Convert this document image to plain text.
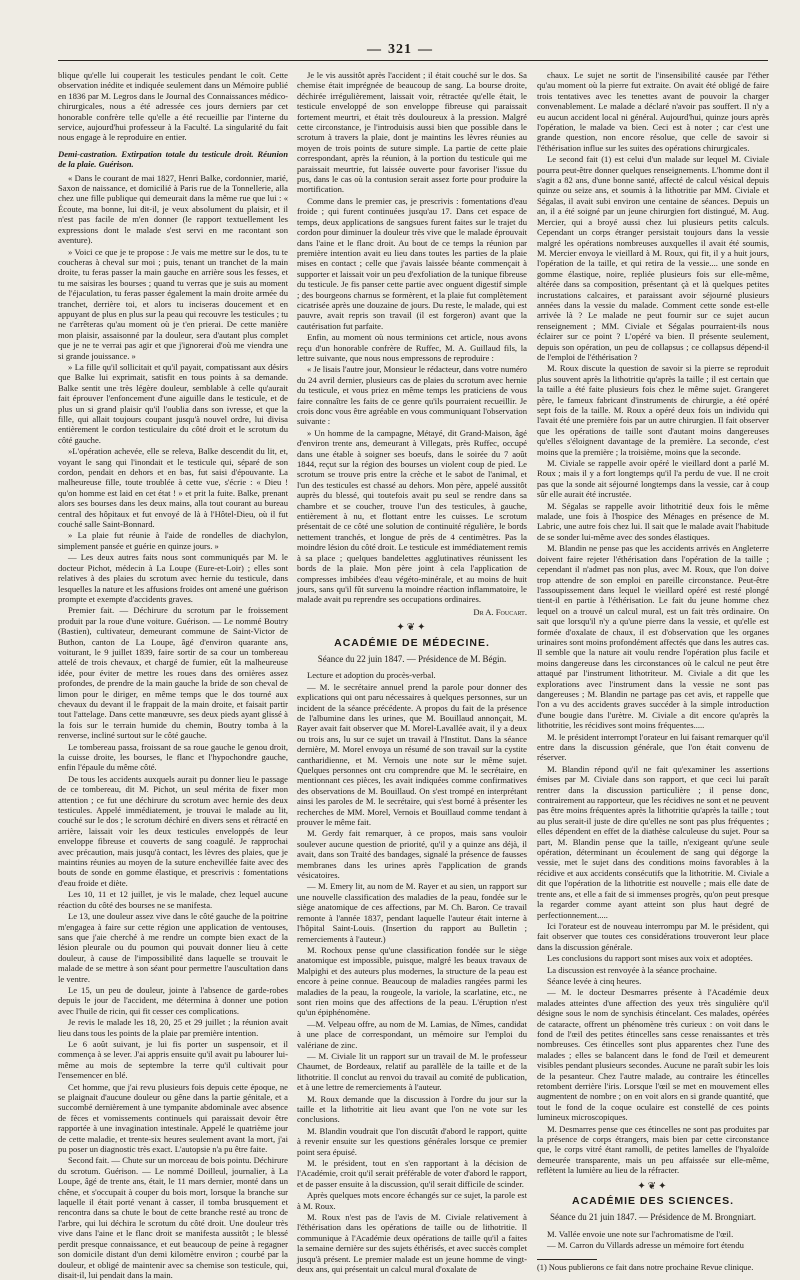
— 321 —

blique qu'elle lui couperait les testicules pendant le coït. Cette observation inédite et indiquée seulement dans un Mémoire publié en 1836 par M. Legros dans le Journal des Connaissances médico-chirurgicales, nous a été adressée ces jours derniers par cet honorable confrère telle qu'elle a été recueillie par l'interne du service, aujourd'hui professeur à la Faculté. La singularité du fait nous engage à le reproduire en entier.

Demi-castration. Extirpation totale du testicule droit. Réunion de la plaie. Guérison.

« Dans le courant de mai 1827, Henri Balke, cordonnier, marié, Saxon de naissance, et domicilié à Paris rue de la Tonnellerie, alla chez une fille publique qui demeurait dans la même rue que lui : « Écoute, ma bonne, lui dit-il, je veux absolument du plaisir, et il n'est pas facile de m'en donner (le rapport textuellement les expressions dont le malade s'est servi en me racontant son aventure).

» Voici ce que je te propose : Je vais me mettre sur le dos, tu te coucheras à cheval sur moi ; puis, tenant un tranchet de la main droite, tu feras passer la main gauche en arrière sous les fesses, et tu me saisiras les bourses ; quand tu verras que je suis au moment de l'éjaculation, tu feras passer également la main droite armée du tranchet, derrière toi, et alors tu inciseras doucement et en appuyant de plus en plus sur la peau qui recouvre les testicules ; tu ne t'arrêteras qu'au moment où je t'en prierai. De cette manière mon plaisir, assaisonné par la douleur, sera d'autant plus complet que je ne te verrai pas agir et que j'ignorerai d'où me viendra une si grande jouissance. »

» La fille qu'il sollicitait et qu'il payait, compatissant aux désirs que Balke lui exprimait, satisfit en tous points à sa demande. Balke sentit une très légère douleur, semblable à celle qu'aurait fait éprouver l'enfoncement d'une aiguille dans le testicule, et de plus un si grand plaisir qu'il l'oublia dans son ivresse, et que la fille, qui allait toujours coupant jusqu'à nouvel ordre, lui divisa entièrement le cordon testiculaire du côté droit et le scrotum du côté gauche.

»L'opération achevée, elle se releva, Balke descendit du lit, et, voyant le sang qui l'inondait et le testicule qui, séparé de son cordon, pendait en dehors et en bas, fut saisi d'épouvante. La malheureuse fille, toute troublée à cette vue, s'écrie : « Dieu ! qu'on homme est laid en cet état ! » et prit la fuite. Balke, prenant alors ses bourses dans les deux mains, alla tout courant au bureau central des hôpitaux et fut envoyé de là à l'Hôtel-Dieu, où il fut couché salle Saint-Bonnard.

» La plaie fut réunie à l'aide de rondelles de diachylon, simplement pansée et guérie en quinze jours. »

— Les deux autres faits nous sont communiqués par M. le docteur Pichot, médecin à La Loupe (Eure-et-Loir) ; elles sont relatives à des plaies du scrotum avec hernie du testicule, dans lesquelles la nature et les affusions froides ont amené une guérison prompte et exempte d'accidents graves.

Premier fait. — Déchirure du scrotum par le froissement produit par la roue d'une voiture. Guérison. — Le nommé Boutry (Bastien), cultivateur, demeurant commune de Saint-Victor de Buthon, canton de La Loupe, âgé d'environ quarante ans, voiturant, le 9 juillet 1839, faire sortir de sa cour un tombereau attelé de trois chevaux, et chargé de fumier, eût la malheureuse idée, pour éviter de mettre les roues dans des ornières assez profondes, de prendre de la main gauche la bride de son cheval de limon pour le diriger, en même temps que le dos tourné aux chevaux du devant il le frappait de la main droite, et faisait partir tout l'attelage. Dans cette manœuvre, ses deux pieds ayant glissé à la fois sur le terrain humide du chemin, Boutry tomba à la renverse, incliné surtout sur le côté gauche.

Le tombereau passa, froissant de sa roue gauche le genou droit, la cuisse droite, les bourses, le flanc et l'hypochondre gauche, enfin l'épaule du même côté.

De tous les accidents auxquels aurait pu donner lieu le passage de ce tombereau, dit M. Pichot, un seul mérita de fixer mon attention ; ce fut une déchirure du scrotum avec hernie des deux testicules. Appelé immédiatement, je trouvai le malade au lit, couché sur le dos ; le scrotum déchiré en divers sens et rétracté en arrière, laissait voir les deux testicules enveloppés de leur enveloppe fibreuse et couverts de sang coagulé. Je rapprochai avec précaution, mais jusqu'à contact, les lèvres des plaies, que je maintins réunies au moyen de la suture enchevillée faite avec des bouts de sonde en gomme élastique, et prescrivis : fomentations d'eau froide et diète.

Les 10, 11 et 12 juillet, je vis le malade, chez lequel aucune réaction du côté des bourses ne se manifesta.

Le 13, une douleur assez vive dans le côté gauche de la poitrine m'engagea à faire sur cette région une application de ventouses, sans que j'aie cherché à me rendre un compte bien exact de la lésion pleurale ou du poumon qui pouvait donner lieu à cette douleur, à cause de l'impossibilité dans laquelle se trouvait le malade de se mettre à son séant pour permettre l'auscultation dans le ventre.

Le 15, un peu de douleur, jointe à l'absence de garde-robes depuis le jour de l'accident, me détermina à donner une potion avec l'huile de ricin, qui fit cesser ces complications.

Je revis le malade les 18, 20, 25 et 29 juillet ; la réunion avait lieu dans tous les points de la plaie par première intention.

Le 6 août suivant, je lui fis porter un suspensoir, et il commença à se lever. J'ai appris ensuite qu'il avait pu labourer lui-même au mois de septembre la terre qu'il cultivait pour l'ensemencer en blé.

Cet homme, que j'ai revu plusieurs fois depuis cette époque, ne se plaignait d'aucune douleur ou gêne dans la partie génitale, et a succombé dernièrement à une tympanite abdominale avec absence de fèces et vomissements continuels qui paraissait devoir être rapportée à une invagination intestinale. Appelé le quatrième jour de cette maladie, et trente-six heures seulement avant la mort, j'ai pu poser un diagnostic très exact. L'autopsie n'a pu être faite.

Second fait. — Chute sur un morceau de bois pointu. Déchirure du scrotum. Guérison. — Le nommé Doilleul, journalier, à La Loupe, âgé de trente ans, était, le 11 mars dernier, monté dans un chêne, et s'occupait à couper du bois mort, lorsque la branche sur laquelle il était porté venant à casser, il tomba brusquement et rencontra dans sa chute le bout de cette branche resté au tronc de l'arbre, qui lui déchira le scrotum du côté droit. Une douleur très vive dans l'aine et le flanc droit se manifesta aussitôt ; le blessé perdit presque connaissance, et eut beaucoup de peine à regagner son domicile distant d'un demi kilomètre environ ; courbé par la douleur, et obligé de maintenir avec sa chemise son testicule, qui, disait-il, lui pendait dans la main.

Je le vis aussitôt après l'accident ; il était couché sur le dos. Sa chemise était imprégnée de beaucoup de sang. La bourse droite, déchirée irrégulièrement, laissait voir, rétractée qu'elle était, le testicule enveloppé de son enveloppe fibreuse qui paraissait fortement meurtri, et était très douloureux à la pression. Malgré cette circonstance, je l'introduisis aussi bien que possible dans le scrotum à travers la plaie, dont je maintins les lèvres réunies au moyen de trois points de suture simple. La partie de cette plaie correspondant, après la réunion, à la portion du testicule qui me paraissait meurtrie, fut laissée ouverte pour favoriser l'issue du pus, dans le cas où la contusion serait assez forte pour produire la mortification.

Comme dans le premier cas, je prescrivis : fomentations d'eau froide ; qui furent continuées jusqu'au 17. Dans cet espace de temps, deux applications de sangsues furent faites sur le trajet du cordon pour diminuer la douleur très vive que le malade éprouvait dans l'aine et le flanc droit. Au bout de ce temps la réunion par première intention avait eu lieu dans toutes les parties de la plaie mises en contact ; celle que j'avais laissée béante commençait à supporter et laissait voir un peu d'exfoliation de la tunique fibreuse du testicule. Je fis panser cette partie avec onguent digestif simple ; des bourgeons charnus se formèrent, et la plaie fut complètement cicatrisée après une douzaine de jours. Du reste, le malade, qui est pauvre, avait repris son travail (il est forgeron) avant que la cautérisation fut parfaite.

Enfin, au moment où nous terminions cet article, nous avons reçu d'un honorable confrère de Ruffec, M. A. Guillaud fils, la lettre suivante, que nous nous empressons de reproduire :

« Je lisais l'autre jour, Monsieur le rédacteur, dans votre numéro du 24 avril dernier, plusieurs cas de plaies du scrotum avec hernie du testicule, et vous priez en même temps les praticiens de vous faire connaître les faits de ce genre qu'ils pourraient recueillir. Je crois donc vous être agréable en vous communiquant l'observation suivante :

» Un homme de la campagne, Métayé, dit Grand-Maison, âgé d'environ trente ans, demeurant à Villegats, près Ruffec, occupé dans une étable à soigner ses boeufs, dans le soirée du 7 août 1844, reçut sur la région des bourses un violent coup de pied. Le scrotum se trouve pris entre la crèche et le sabot de l'animal, et l'un des testicules est chassé au dehors. Mon père, appelé aussitôt auprès du blessé, qui toutefois avait pu seul se rendre dans sa chambre et se coucher, trouve l'un des testicules, à gauche, entièrement à nu, et flottant entre les cuisses. Le scrotum présentait de ce côté une solution de continuité régulière, le bords nettement tranchés, et longue de près de 4 centimètres. Pas la moindre lésion du côté droit. Le testicule est immédiatement remis à sa place ; quelques bandelettes agglutinatives réunissent les bords de la plaie. Mon père joint à cela l'application de compresses imbibées d'eau végéto-minérale, et au moins de huit jours, sans qu'il fût survenu la moindre réaction inflammatoire, le malade avait pu reprendre ses occupations ordinaires.

Dr A. Foucart.

✦❦✦
ACADÉMIE DE MÉDECINE.
Séance du 22 juin 1847. — Présidence de M. Bégin.

Lecture et adoption du procès-verbal.

— M. le secrétaire annuel prend la parole pour donner des explications qui ont paru nécessaires à quelques personnes, sur un incident de la séance précédente. A propos du fait de la présence de l'albumine dans les urines, que M. Bouillaud annonçait, M. Rayer avait fait observer que M. Morel-Lavallée avait, il y a deux ou trois ans, lu sur ce sujet un travail à l'Institut. Dans la séance dernière, M. Morel envoya un résumé de son travail sur la cystite cantharidienne, et M. Vernois une note sur le même sujet. Quelques personnes ont cru comprendre que M. le secrétaire, en mentionnant ces pièces, les avait indiquées comme confirmatives des observations de M. Bouillaud. On s'est trompé en interprétant ainsi les paroles de M. le secrétaire, qui s'est borné à présenter les recherches de MM. Morel, Vernois et Bouillaud comme tendant à prouver le même fait.

M. Gerdy fait remarquer, à ce propos, mais sans vouloir soulever aucune question de priorité, qu'il y a quinze ans déjà, il avait, dans son Traité des bandages, signalé la présence de fausses membranes dans les urines après l'application de grands vésicatoires.

— M. Emery lit, au nom de M. Rayer et au sien, un rapport sur une nouvelle classification des maladies de la peau, fondée sur le siège anatomique de ces affections, par M. Ch. Baron. Ce travail remonte à l'année 1837, pendant laquelle l'auteur était interne à l'hôpital Saint-Louis. (Insertion du rapport au Bulletin ; remerciements à l'auteur.)

M. Rochoux pense qu'une classification fondée sur le siège anatomique est impossible, puisque, malgré les beaux travaux de Malpighi et des auteurs plus modernes, la structure de la peau est encore à peine connue. Beaucoup de maladies rangées parmi les maladies de la peau, la rougeole, la variole, la scarlatine, etc., ne sont rien moins que des affections de la peau. L'éruption n'est qu'un épiphénomène.

—M. Velpeau offre, au nom de M. Lamias, de Nîmes, candidat à une place de correspondant, un mémoire sur l'emploi du valériane de zinc.

— M. Civiale lit un rapport sur un travail de M. le professeur Chaumet, de Bordeaux, relatif au parallèle de la taille et de la lithotritie. Il conclut au renvoi du travail au comité de publication, et à une lettre de remerciements à l'auteur.

M. Roux demande que la discussion à l'ordre du jour sur la taille et la lithotritie ait lieu avant que l'on ne vote sur les conclusions.

M. Blandin voudrait que l'on discutât d'abord le rapport, quitte à revenir ensuite sur les questions générales lorsque ce premier point sera épuisé.

M. le président, tout en s'en rapportant à la décision de l'Académie, croit qu'il serait préférable de voter d'abord le rapport, et de passer ensuite à la discussion, qu'il serait difficile de scinder.

Après quelques mots encore échangés sur ce sujet, la parole est à M. Roux.

M. Roux n'est pas de l'avis de M. Civiale relativement à l'éthérisation dans les opérations de taille ou de lithotritie. Il communique à l'Académie deux opérations de taille qu'il a faites la semaine dernière sur des sujets éthérisés, et avec succès complet jusqu'à présent. Le premier malade est un jeune homme de vingt-deux ans, qui présentait un calcul mural d'oxalate de

chaux. Le sujet ne sortit de l'insensibilité causée par l'éther qu'au moment où la pierre fut extraite. On avait été obligé de faire trois tentatives avec les tenettes avant de pouvoir la charger convenablement. Le malade a déclaré n'avoir pas souffert. Il n'y a eu aucun accident local ni général. Aujourd'hui, quinze jours après l'opération, le malade va bien. Ceci est à noter ; car c'est une grande question, non encore résolue, que celle de savoir si l'éthérisation influe sur les suites des opérations chirurgicales.

Le second fait (1) est celui d'un malade sur lequel M. Civiale pourra peut-être donner quelques renseignements. L'homme dont il s'agit a 82 ans, d'une bonne santé, affecté de calcul vésical depuis quinze ou seize ans, et soumis à la lithotritie par MM. Civiale et Ségalas, il avait subi environ une centaine de séances. Depuis un an, il a été soigné par un jeune chirurgien fort distingué, M. Aug. Mercier, qui a broyé aussi chez lui plusieurs petits calculs. Cependant un corps étranger persistait toujours dans la vessie malgré les opérations nombreuses auxquelles il avait été soumis, M. Mercier envoya le vieillard à M. Roux, qui fit, il y a huit jours, l'opération de la taille, et qui retira de la vessie.... une sonde en gomme élastique, noire, repliée plusieurs fois sur elle-même, altérée dans sa composition, présentant çà et là quelques petites incrustations calcaires, et paraissant avoir séjourné plusieurs années dans la vessie du malade. Comment cette sonde est-elle arrivée là ? Le malade ne peut fournir sur ce sujet aucun renseignement ; MM. Civiale et Ségalas pourraient-ils nous éclairer sur ce point ? L'opéré va bien. Il présente seulement, depuis son opération, un peu de collapsus ; ce collapsus dépend-il de l'emploi de l'éthérisation ?

M. Roux discute la question de savoir si la pierre se reproduit plus souvent après la lithotritie qu'après la taille ; il est certain que la taille a été faite plusieurs fois chez le même sujet. Grangeret père, le fameux fabricant d'instruments de chirurgie, a été opéré sept fois de la taille. M. Roux a opéré deux fois un individu qui l'avait été une première fois par un autre chirurgien. Il fait observer que les opérations de taille sont d'autant moins dangereuses qu'elles s'éloignent davantage de la première. La seconde, c'est moins que la première ; la troisième, moins que la seconde.

M. Civiale se rappelle avoir opéré le vieillard dont a parlé M. Roux ; mais il y a fort longtemps qu'il l'a perdu de vue. Il ne croit pas que la sonde ait séjourné longtemps dans la vessie, car à coup sûr elle aurait été incrustée.

M. Ségalas se rappelle avoir lithotritié deux fois le même malade, une fois à l'hospice des Ménages en présence de M. Labric, une autre fois chez lui. Il sait que le malade avait l'habitude de se sonder lui-même avec des sondes élastiques.

M. Blandin ne pense pas que les accidents arrivés en Angleterre doivent faire rejeter l'éthérisation dans l'opération de la taille ; cependant il n'admet pas non plus, avec M. Roux, que l'on doive trop attendre de son emploi en pareille circonstance. Peut-être l'assoupissement dans lequel le vieillard opéré est resté plongé tient-il en partie à l'éthérisation. Le fait du jeune homme chez lequel on a trouvé un calcul mural, est un fait très ordinaire. On sait que lorsqu'il n'y a qu'une pierre dans la vessie, et qu'elle est formée d'oxalate de chaux, il est d'observation que les organes urinaires sont moins profondément affectés que dans les autres cas. Il semble que la nature ait voulu rendre l'opération plus facile et moins dangereuse dans les circonstances où le calcul ne peut être attaqué par l'instrument lithotriteur. M. Civiale a dit que les explorations avec l'instrument dans la vessie ne sont pas dangereuses ; M. Blandin ne partage pas cet avis, et rappelle que l'on a vu des accidents graves succéder à la simple introduction d'une bougie dans l'urètre. M. Civiale a dit encore qu'après la lithotritie, les récidives sont moins fréquentes.....

M. le président interrompt l'orateur en lui faisant remarquer qu'il entre dans la discussion générale, que l'on était convenu de réserver.

M. Blandin répond qu'il ne fait qu'examiner les assertions émises par M. Civiale dans son rapport, et que ceci lui paraît rentrer dans la discussion particulière ; il pense donc, contrairement au rapporteur, que les récidives ne sont et ne peuvent pas être moins fréquentes après la lithotritie qu'après la taille ; tout au plus serait-il juste de dire qu'elles ne sont pas plus fréquentes ; elles dépendent en effet de la diathèse calculeuse du sujet. Pour sa part, M. Blandin pense que la taille, n'exigeant qu'une seule opération, déterminant un écoulement de sang qui dégorge la vessie, met le sujet dans des conditions moins favorables à la récidive et aux accidents consécutifs que la lithotritie. M. Civiale a dit que l'opération de la lithotritie est nouvelle ; mais elle date de trente ans, et elle a fait de si immenses progrès, qu'on peut presque la regarder comme ayant atteint son plus haut degré de perfectionnement.....

Ici l'orateur est de nouveau interrompu par M. le président, qui fait observer que toutes ces considérations trouveront leur place dans la discussion générale.

Les conclusions du rapport sont mises aux voix et adoptées.

La discussion est renvoyée à la séance prochaine.

Séance levée à cinq heures.

— M. le docteur Desmarres présente à l'Académie deux malades atteintes d'une affection des yeux très singulière qu'il désigne sous le nom de synchisis étincelant. Ces malades, opérées de cataracte, offrent un phénomène très curieux : on voit dans le fond de l'œil des petites étincelles sans cesse renaissantes et très nombreuses. Ces étincelles sont plus apparentes chez l'une des malades ; elles se balancent dans le fond de l'œil et demeurent visibles pendant plusieurs secondes. Aucune ne paraît subir les lois de la pesanteur. Chez l'autre malade, au contraire les étincelles retombent derrière l'iris. Lorsque l'œil se met en mouvement elles augmentent de nombre ; on en voit alors en si grande quantité, que tout le fond de la coque oculaire est constellé de ces points lumineux microscopiques.

M. Desmarres pense que ces étincelles ne sont pas produites par la présence de corps étrangers, mais bien par cette circonstance que, le corps vitré étant ramolli, de petites lamelles de l'hyaloïde demeurée transparente, mais un peu affaissée sur elle-même, reflètent la lumière au lieu de la réfracter.

✦❦✦
ACADÉMIE DES SCIENCES.
Séance du 21 juin 1847. — Présidence de M. Brongniart.

M. Vallée envoie une note sur l'achromatisme de l'œil.

— M. Carron du Villards adresse un mémoire fort étendu

(1) Nous publierons ce fait dans notre prochaine Revue clinique.
